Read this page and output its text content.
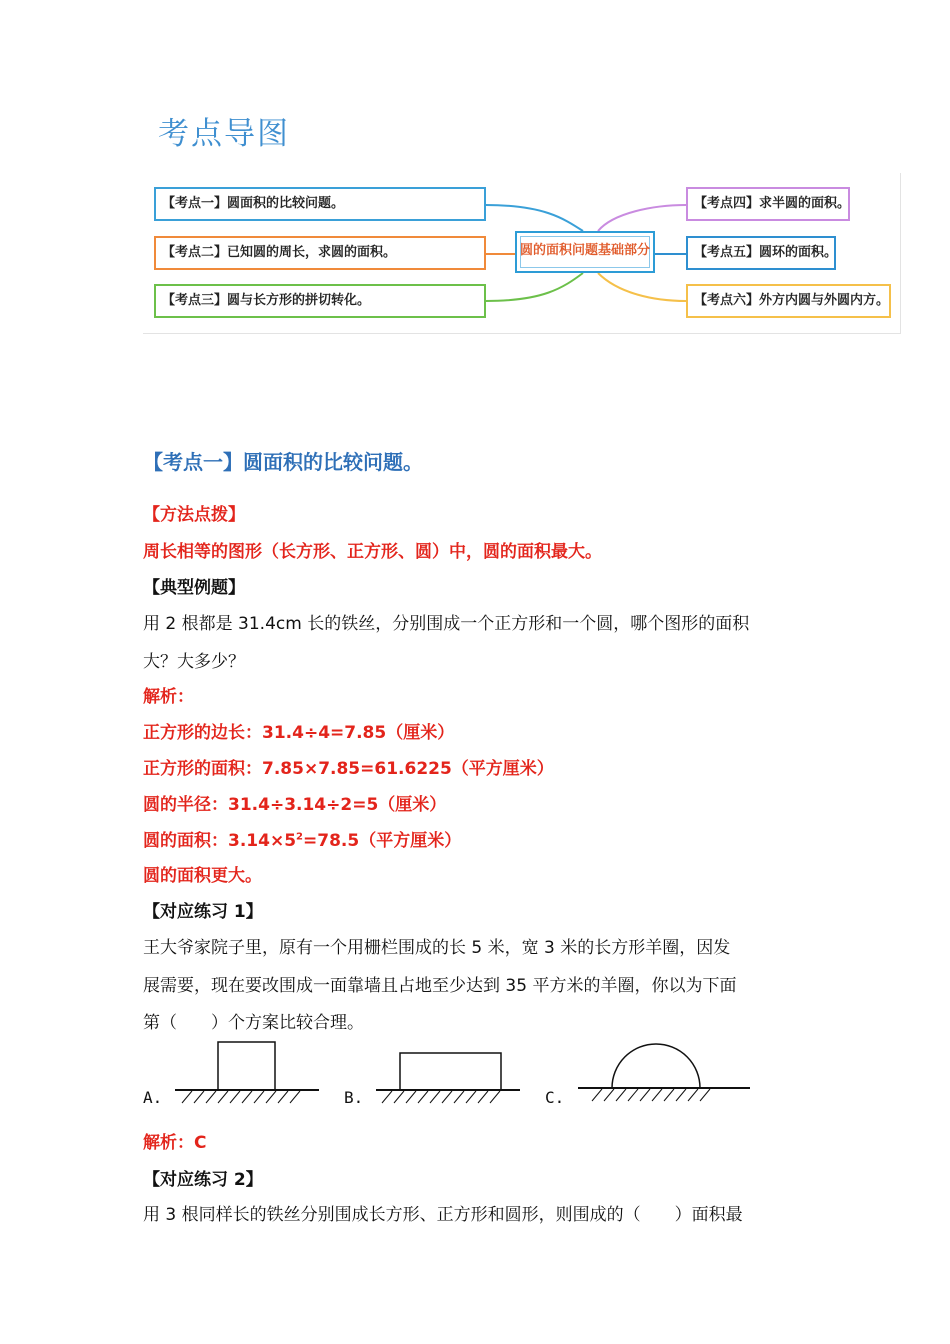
考点导图
【考点一】圆面积的比较问题。
【考点二】已知圆的周长，求圆的面积。
【考点三】圆与长方形的拼切转化。
圆的面积问题基础部分
【考点四】求半圆的面积。
【考点五】圆环的面积。
【考点六】外方内圆与外圆内方。
【考点一】圆面积的比较问题。
【方法点拨】
周长相等的图形（长方形、正方形、圆）中，圆的面积最大。
【典型例题】
用 2 根都是 31.4cm 长的铁丝，分别围成一个正方形和一个圆，哪个图形的面积
大？大多少？
解析：
正方形的边长：31.4÷4=7.85（厘米）
正方形的面积：7.85×7.85=61.6225（平方厘米）
圆的半径：31.4÷3.14÷2=5（厘米）
圆的面积：$3.14\times 5^2=78.5$（平方厘米）
圆的面积更大。
【对应练习 1】
王大爷家院子里，原有一个用栅栏围成的长 5 米，宽 3 米的长方形羊圈，因发
展需要，现在要改围成一面靠墙且占地至少达到 35 平方米的羊圈，你以为下面
第（　　）个方案比较合理。
A.	B.	C.
解析：C
【对应练习 2】
用 3 根同样长的铁丝分别围成长方形、正方形和圆形，则围成的（　　）面积最
